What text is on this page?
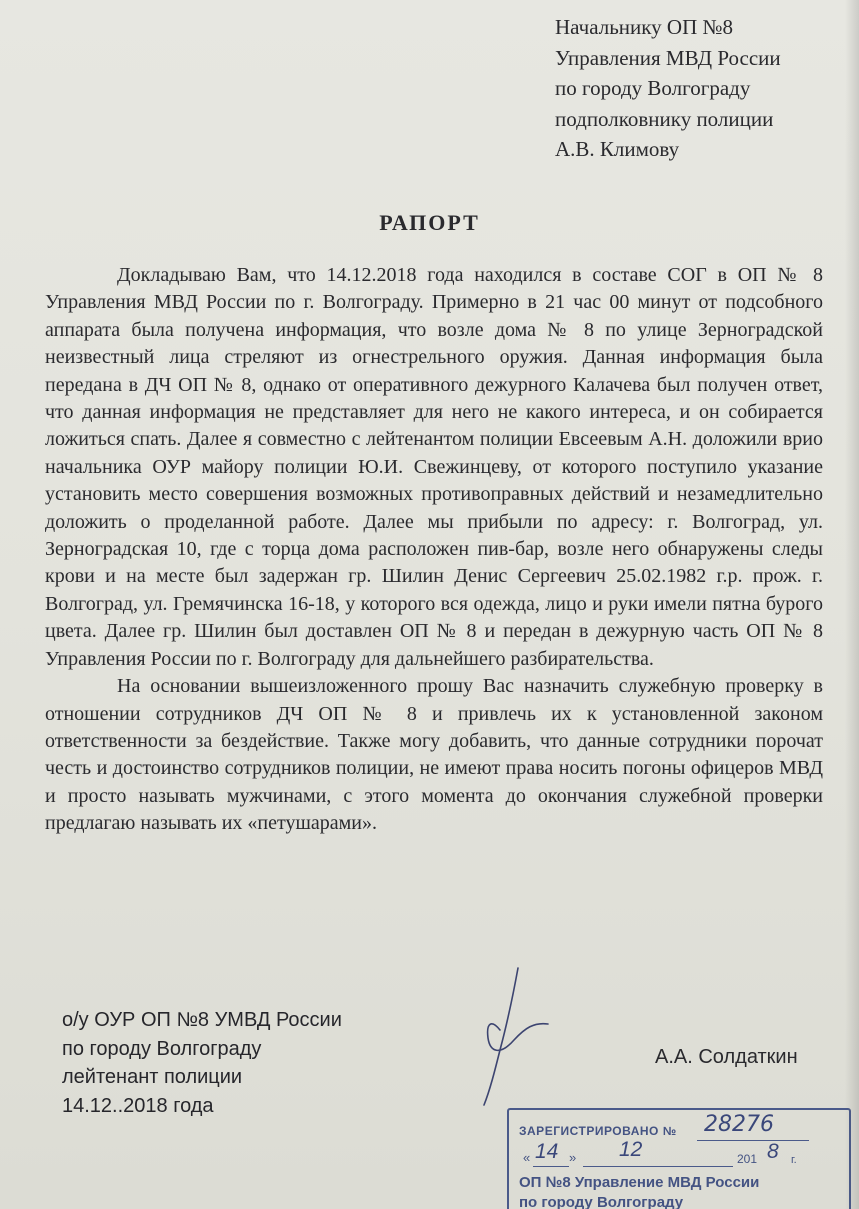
Начальнику ОП №8
Управления МВД России
по городу Волгограду
подполковнику полиции
А.В. Климову
РАПОРТ

Докладываю Вам, что 14.12.2018 года находился в составе СОГ в ОП № 8 Управления МВД России по г. Волгограду. Примерно в 21 час 00 минут от подсобного аппарата была получена информация, что возле дома № 8 по улице Зерноградской неизвестный лица стреляют из огнестрельного оружия. Данная информация была передана в ДЧ ОП № 8, однако от оперативного дежурного Калачева был получен ответ, что данная информация не представляет для него не какого интереса, и он собирается ложиться спать. Далее я совместно с лейтенантом полиции Евсеевым А.Н. доложили врио начальника ОУР майору полиции Ю.И. Свежинцеву, от которого поступило указание установить место совершения возможных противоправных действий и незамедлительно доложить о проделанной работе. Далее мы прибыли по адресу: г. Волгоград, ул. Зерноградская 10, где с торца дома расположен пив-бар, возле него обнаружены следы крови и на месте был задержан гр. Шилин Денис Сергеевич 25.02.1982 г.р. прож. г. Волгоград, ул. Гремячинска 16-18, у которого вся одежда, лицо и руки имели пятна бурого цвета. Далее гр. Шилин был доставлен ОП № 8 и передан в дежурную часть ОП № 8 Управления России по г. Волгограду для дальнейшего разбирательства.

На основании вышеизложенного прошу Вас назначить служебную проверку в отношении сотрудников ДЧ ОП № 8 и привлечь их к установленной законом ответственности за бездействие. Также могу добавить, что данные сотрудники порочат честь и достоинство сотрудников полиции, не имеют права носить погоны офицеров МВД и просто называть мужчинами, с этого момента до окончания служебной проверки предлагаю называть их «петушарами».

о/у ОУР ОП №8 УМВД России
по городу Волгограду
лейтенант полиции
14.12..2018 года
А.А. Солдаткин
ЗАРЕГИСТРИРОВАНО № 28276
« 14 » 12	201 8 г.
ОП №8 Управление МВД России
по городу Волгограду
